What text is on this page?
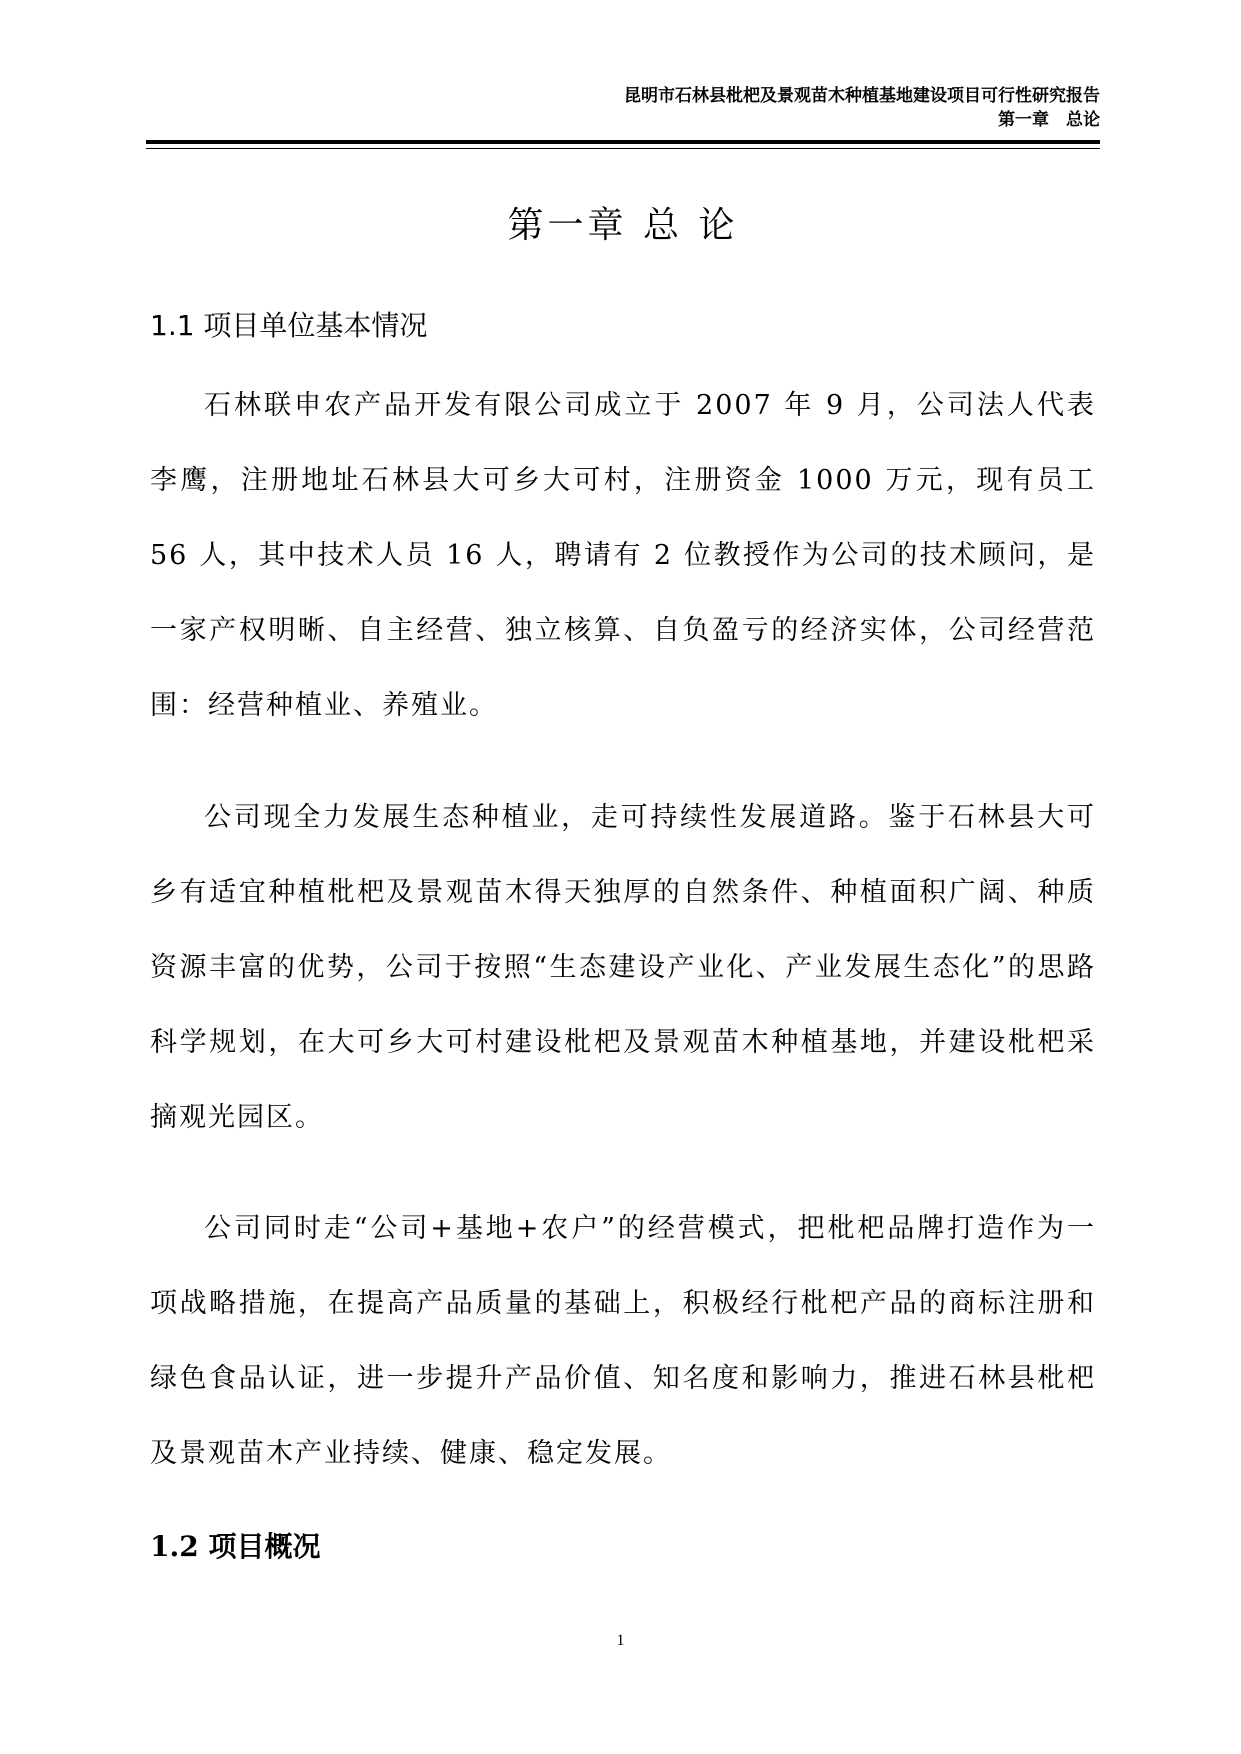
昆明市石林县枇杷及景观苗木种植基地建设项目可行性研究报告
第一章　总论
第一章 总 论
1.1 项目单位基本情况

石林联申农产品开发有限公司成立于 2007 年 9 月，公司法人代表李鹰，注册地址石林县大可乡大可村，注册资金 1000 万元，现有员工 56 人，其中技术人员 16 人，聘请有 2 位教授作为公司的技术顾问，是一家产权明晰、自主经营、独立核算、自负盈亏的经济实体，公司经营范围：经营种植业、养殖业。

公司现全力发展生态种植业，走可持续性发展道路。鉴于石林县大可乡有适宜种植枇杷及景观苗木得天独厚的自然条件、种植面积广阔、种质资源丰富的优势，公司于按照“生态建设产业化、产业发展生态化”的思路科学规划，在大可乡大可村建设枇杷及景观苗木种植基地，并建设枇杷采摘观光园区。

公司同时走“公司+基地+农户”的经营模式，把枇杷品牌打造作为一项战略措施，在提高产品质量的基础上，积极经行枇杷产品的商标注册和绿色食品认证，进一步提升产品价值、知名度和影响力，推进石林县枇杷及景观苗木产业持续、健康、稳定发展。

1.2 项目概况
1
